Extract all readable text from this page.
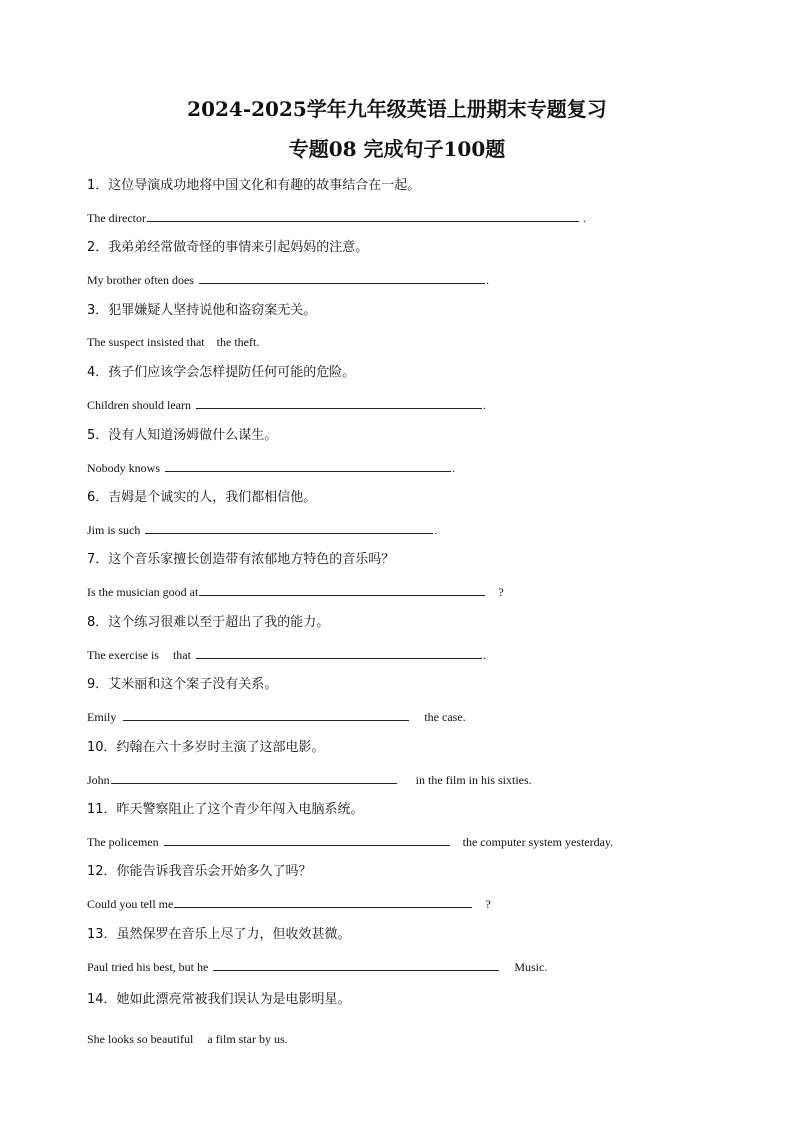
2024-2025学年九年级英语上册期末专题复习
专题08 完成句子100题
1．这位导演成功地将中国文化和有趣的故事结合在一起。
The director	.
2．我弟弟经常做奇怪的事情来引起妈妈的注意。
My brother often does	.
3．犯罪嫌疑人坚持说他和盗窃案无关。
The suspect insisted that the theft.
4．孩子们应该学会怎样提防任何可能的危险。
Children should learn	.
5．没有人知道汤姆做什么谋生。
Nobody knows	.
6．吉姆是个诚实的人，我们都相信他。
Jim is such	.
7．这个音乐家擅长创造带有浓郁地方特色的音乐吗？
Is the musician good at	?
8．这个练习很难以至于超出了我的能力。
The exercise is that	.
9．艾米丽和这个案子没有关系。
Emily	the case.
10．约翰在六十多岁时主演了这部电影。
John	in the film in his sixties.
11．昨天警察阻止了这个青少年闯入电脑系统。
The policemen	the computer system yesterday.
12．你能告诉我音乐会开始多久了吗？
Could you tell me	?
13．虽然保罗在音乐上尽了力，但收效甚微。
Paul tried his best, but he	Music.
14．她如此漂亮常被我们误认为是电影明星。
She looks so beautiful a film star by us.
